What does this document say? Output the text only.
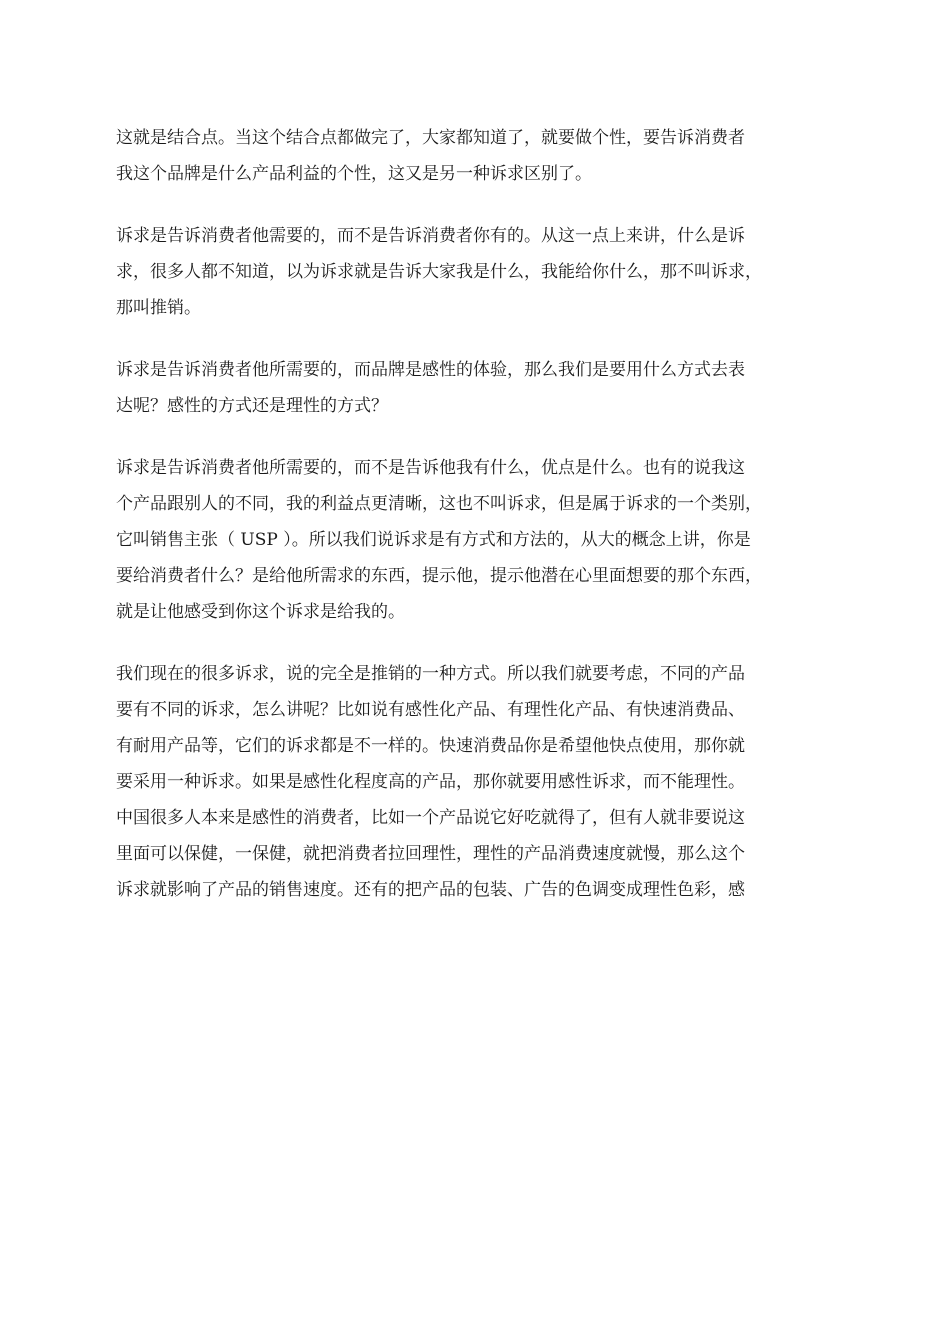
这就是结合点。当这个结合点都做完了，大家都知道了，就要做个性，要告诉消费者
我这个品牌是什么产品利益的个性，这又是另一种诉求区别了。
诉求是告诉消费者他需要的，而不是告诉消费者你有的。从这一点上来讲，什么是诉
求，很多人都不知道，以为诉求就是告诉大家我是什么，我能给你什么，那不叫诉求，
那叫推销。
诉求是告诉消费者他所需要的，而品牌是感性的体验，那么我们是要用什么方式去表
达呢？感性的方式还是理性的方式？
诉求是告诉消费者他所需要的，而不是告诉他我有什么，优点是什么。也有的说我这
个产品跟别人的不同，我的利益点更清晰，这也不叫诉求，但是属于诉求的一个类别，
它叫销售主张（ USP ）。所以我们说诉求是有方式和方法的，从大的概念上讲，你是
要给消费者什么？是给他所需求的东西，提示他，提示他潜在心里面想要的那个东西，
就是让他感受到你这个诉求是给我的。
我们现在的很多诉求，说的完全是推销的一种方式。所以我们就要考虑，不同的产品
要有不同的诉求，怎么讲呢？比如说有感性化产品、有理性化产品、有快速消费品、
有耐用产品等，它们的诉求都是不一样的。快速消费品你是希望他快点使用，那你就
要采用一种诉求。如果是感性化程度高的产品，那你就要用感性诉求，而不能理性。
中国很多人本来是感性的消费者，比如一个产品说它好吃就得了，但有人就非要说这
里面可以保健，一保健，就把消费者拉回理性，理性的产品消费速度就慢，那么这个
诉求就影响了产品的销售速度。还有的把产品的包装、广告的色调变成理性色彩，感
